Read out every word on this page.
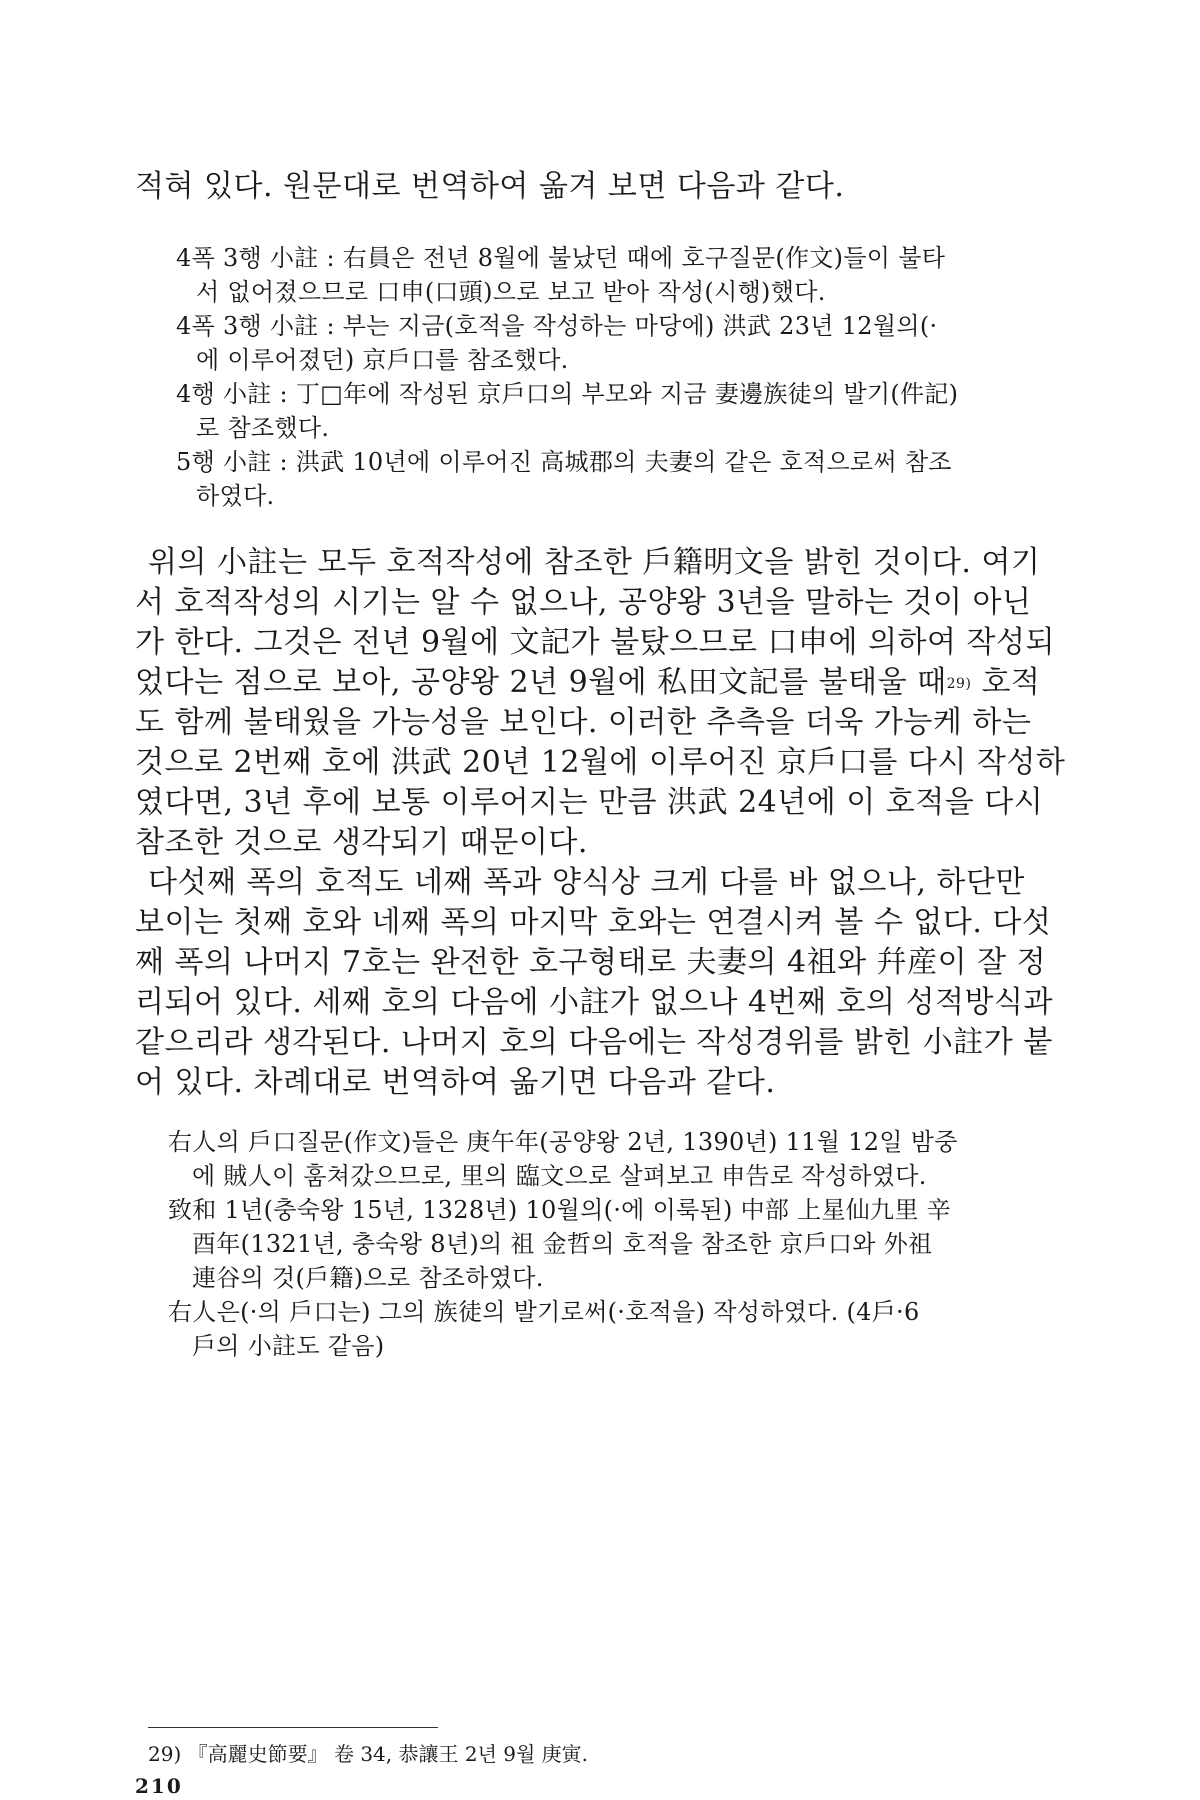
적혀 있다. 원문대로 번역하여 옮겨 보면 다음과 같다.

4폭 3행 小註 : 右員은 전년 8월에 불났던 때에 호구질문(作文)들이 불타

서 없어졌으므로 口申(口頭)으로 보고 받아 작성(시행)했다.

4폭 3행 小註 : 부는 지금(호적을 작성하는 마당에) 洪武 23년 12월의(·

에 이루어졌던) 京戶口를 참조했다.

4행 小註 : 丁□年에 작성된 京戶口의 부모와 지금 妻邊族徒의 발기(件記)

로 참조했다.

5행 小註 : 洪武 10년에 이루어진 高城郡의 夫妻의 같은 호적으로써 참조

하였다.

위의 小註는 모두 호적작성에 참조한 戶籍明文을 밝힌 것이다. 여기

서 호적작성의 시기는 알 수 없으나, 공양왕 3년을 말하는 것이 아닌

가 한다. 그것은 전년 9월에 文記가 불탔으므로 口申에 의하여 작성되

었다는 점으로 보아, 공양왕 2년 9월에 私田文記를 불태울 때$^{29)}$ 호적

도 함께 불태웠을 가능성을 보인다. 이러한 추측을 더욱 가능케 하는

것으로 2번째 호에 洪武 20년 12월에 이루어진 京戶口를 다시 작성하

였다면, 3년 후에 보통 이루어지는 만큼 洪武 24년에 이 호적을 다시

참조한 것으로 생각되기 때문이다.

다섯째 폭의 호적도 네째 폭과 양식상 크게 다를 바 없으나, 하단만

보이는 첫째 호와 네째 폭의 마지막 호와는 연결시켜 볼 수 없다. 다섯

째 폭의 나머지 7호는 완전한 호구형태로 夫妻의 4祖와 幷産이 잘 정

리되어 있다. 세째 호의 다음에 小註가 없으나 4번째 호의 성적방식과

같으리라 생각된다. 나머지 호의 다음에는 작성경위를 밝힌 小註가 붙

어 있다. 차례대로 번역하여 옮기면 다음과 같다.

右人의 戶口질문(作文)들은 庚午年(공양왕 2년, 1390년) 11월 12일 밤중

에 賊人이 훔쳐갔으므로, 里의 臨文으로 살펴보고 申告로 작성하였다.

致和 1년(충숙왕 15년, 1328년) 10월의(·에 이룩된) 中部 上星仙九里 辛

酉年(1321년, 충숙왕 8년)의 祖 金哲의 호적을 참조한 京戶口와 外祖

連谷의 것(戶籍)으로 참조하였다.

右人은(·의 戶口는) 그의 族徒의 발기로써(·호적을) 작성하였다. (4戶·6

戶의 小註도 같음)

29) 『高麗史節要』 卷 34, 恭讓王 2년 9월 庚寅.

210
